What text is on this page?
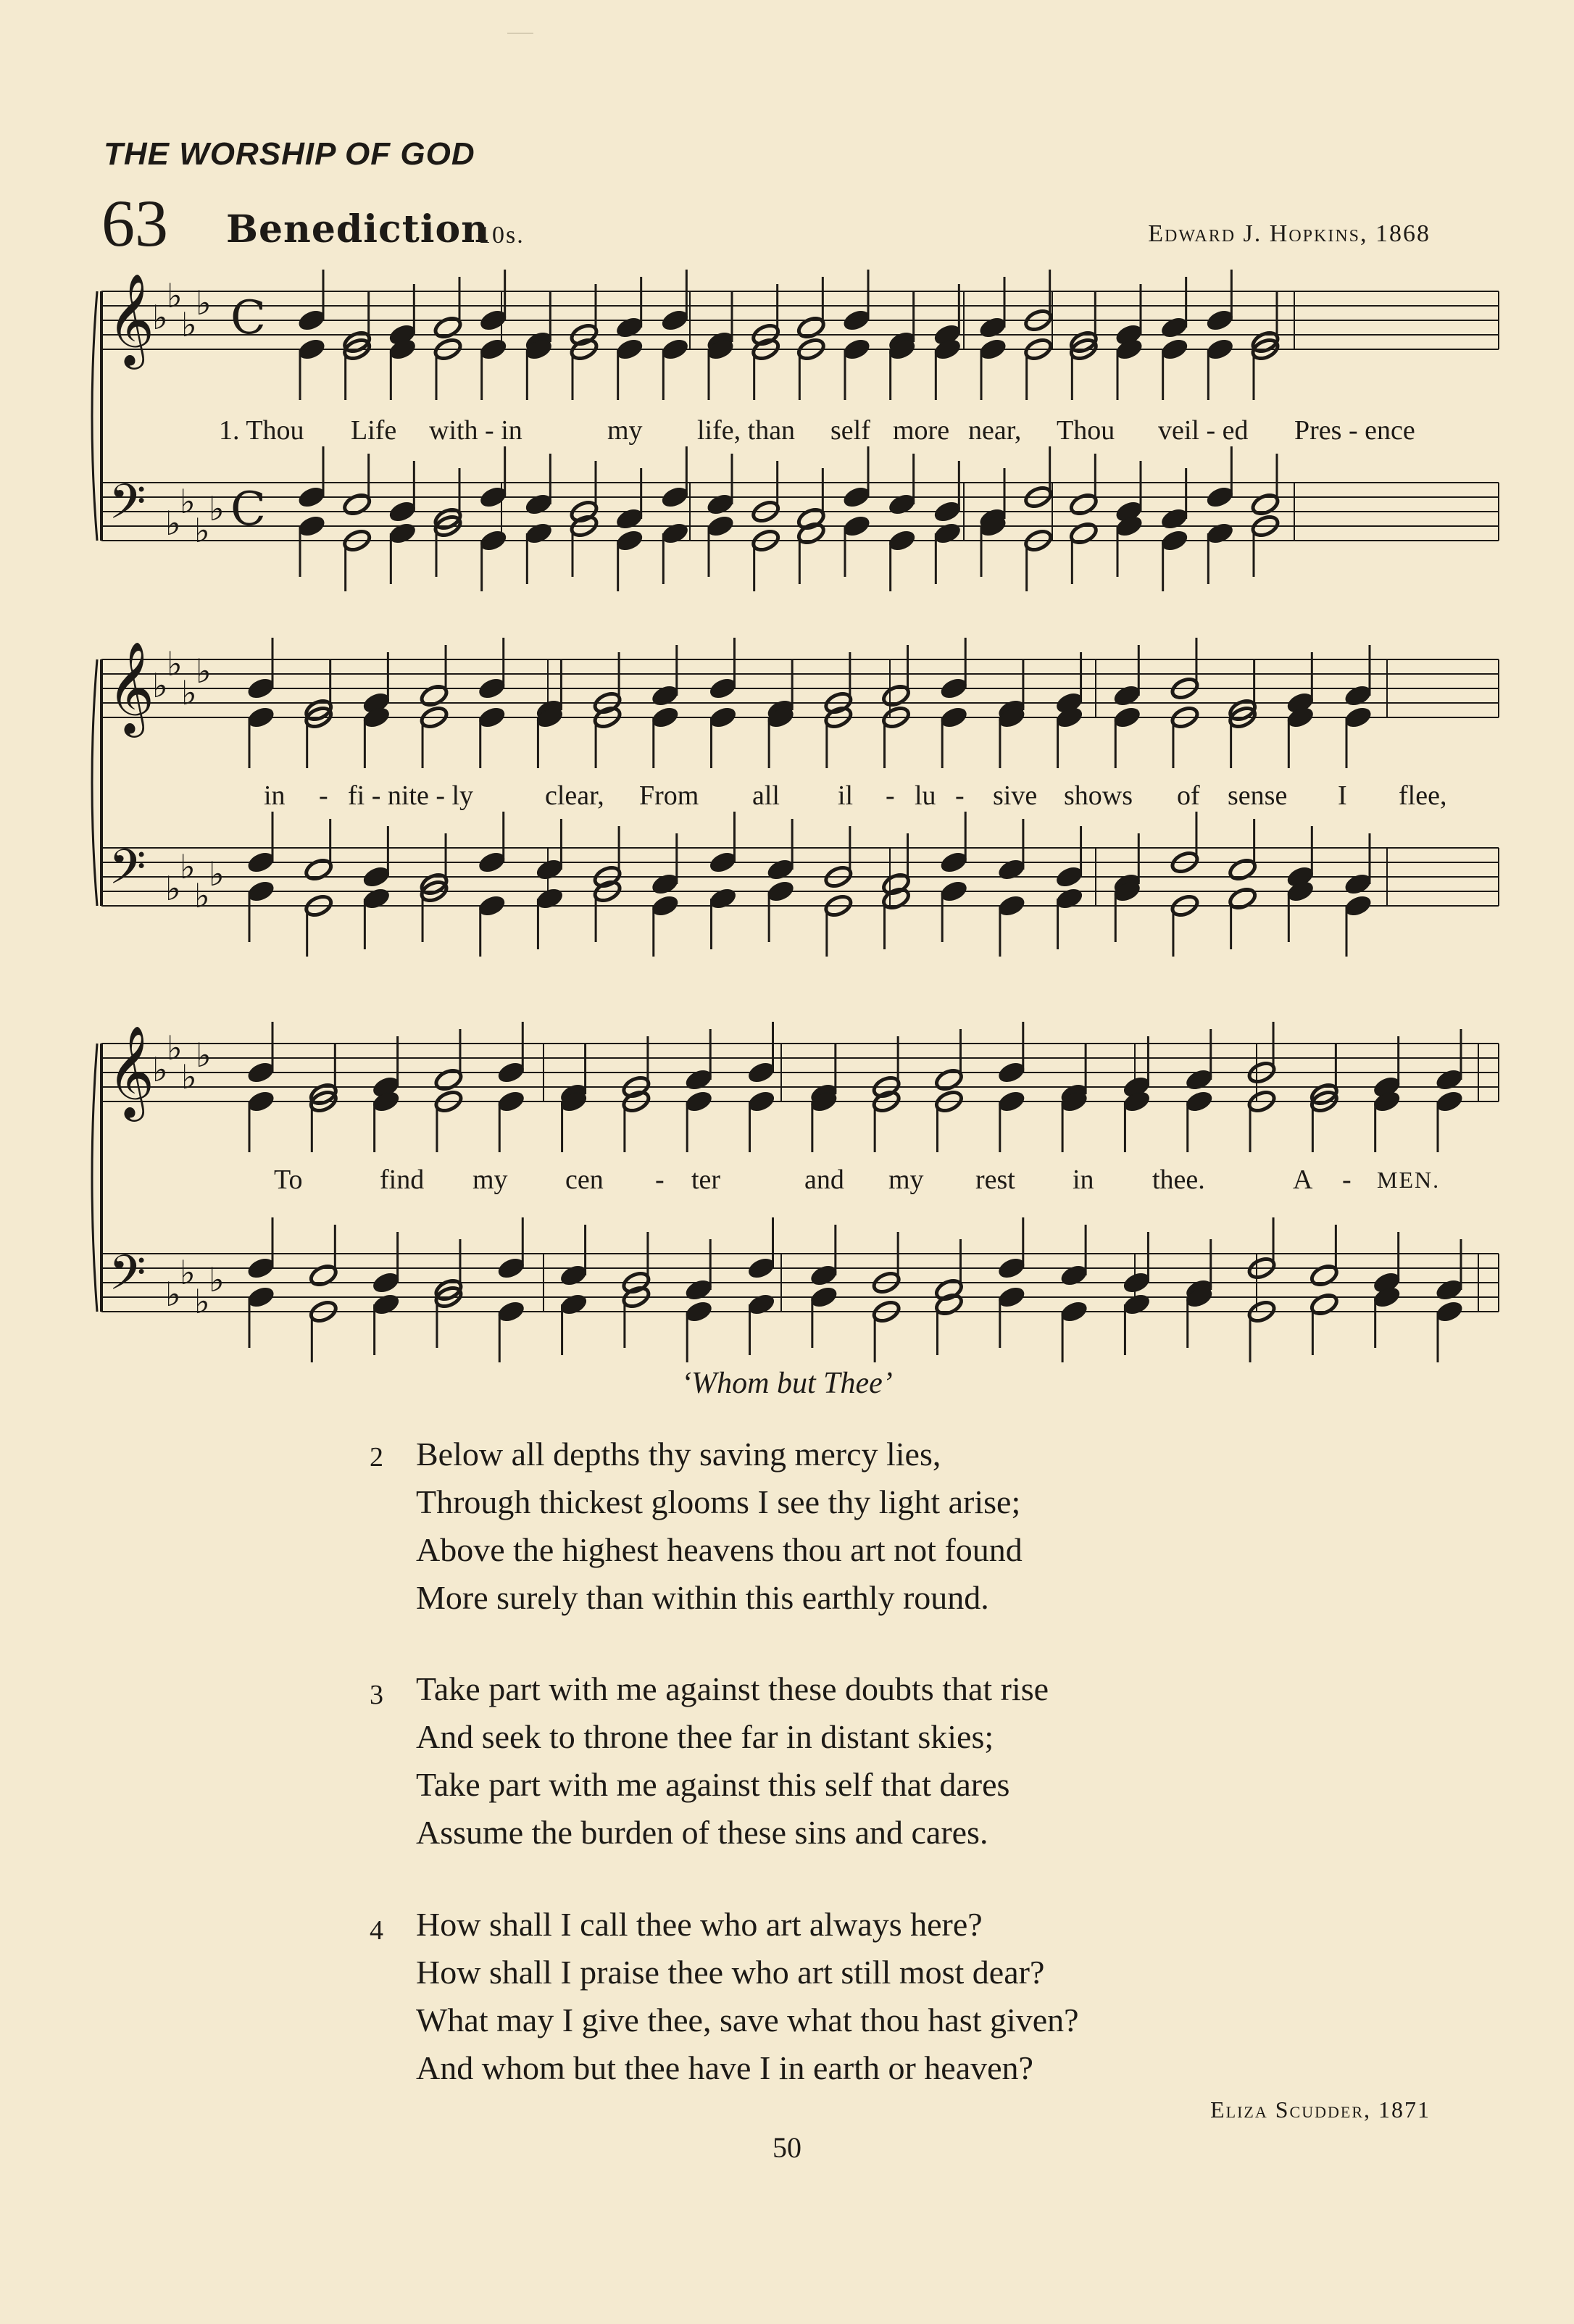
THE WORSHIP OF GOD
63 Benediction
10s.	Edward J. Hopkins, 1868
𝄞
𝄢
♭
♭
♭
♭
♭
♭
♭
♭
C
C
𝄞
𝄢
♭
♭
♭
♭
♭
♭
♭
♭
𝄞
𝄢
♭
♭
♭
♭
♭
♭
♭
♭
1. Thou Life with - in	my life, than self more near, Thou veil - ed Pres - ence
in - fi - nite - ly	clear, From all il - lu - sive shows of sense I flee,
To	find my cen - ter	and my rest in thee.	A - MEN.
‘Whom but Thee’
2 Below all depths thy saving mercy lies,
Through thickest glooms I see thy light arise;
Above the highest heavens thou art not found
More surely than within this earthly round.
3 Take part with me against these doubts that rise
And seek to throne thee far in distant skies;
Take part with me against this self that dares
Assume the burden of these sins and cares.
4 How shall I call thee who art always here?
How shall I praise thee who art still most dear?
What may I give thee, save what thou hast given?
And whom but thee have I in earth or heaven?
Eliza Scudder, 1871
50
